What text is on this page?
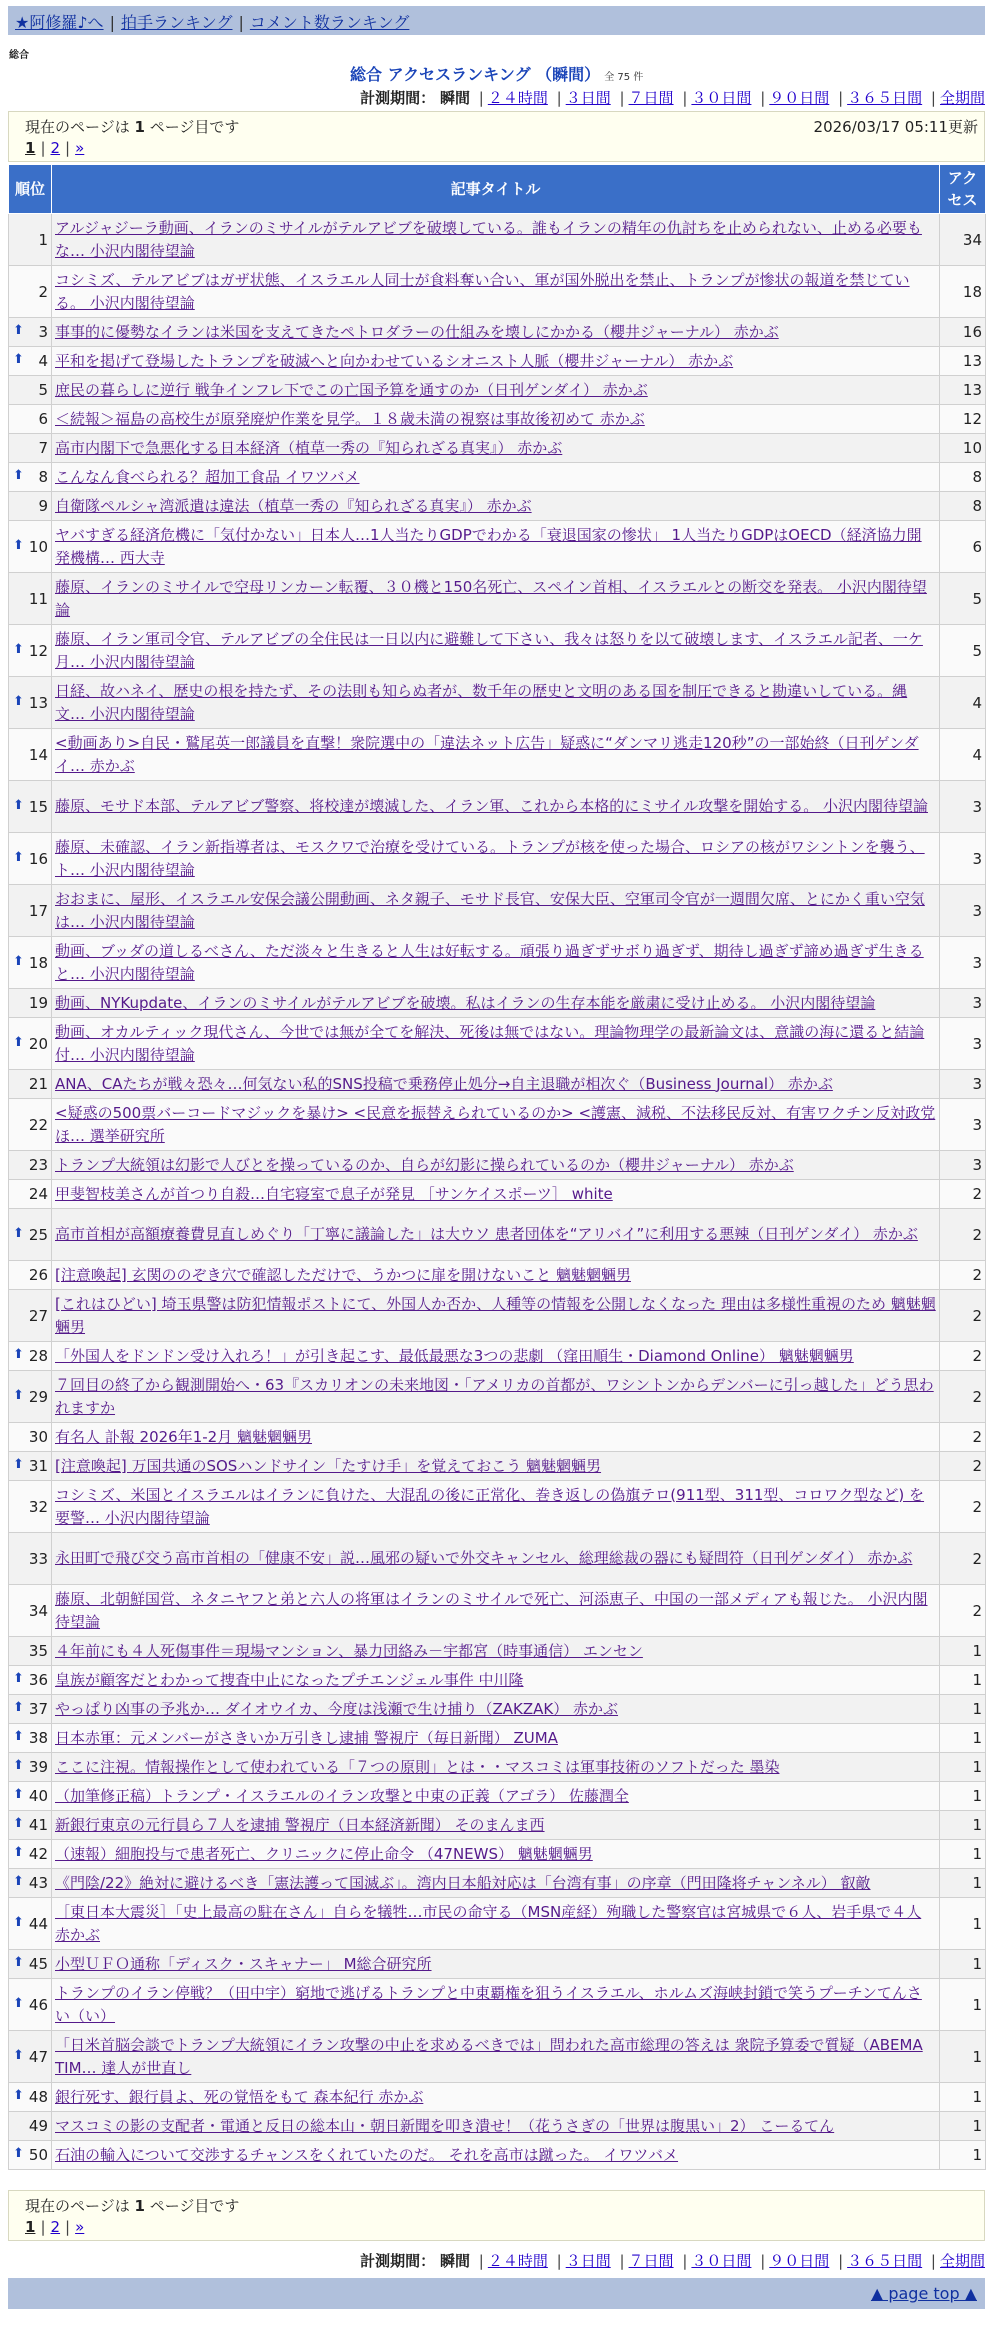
★阿修羅♪へ | 拍手ランキング | コメント数ランキング
総合
総合 アクセスランキング （瞬間） 全 75 件
計測期間： 瞬間 | ２４時間 | ３日間 | ７日間 | ３０日間 | ９０日間 | ３６５日間 | 全期間
現在のページは 1 ページ目です	2026/03/17 05:11更新
1 | 2 | »
順位	記事タイトル	アクセス
1	アルジャジーラ動画、イランのミサイルがテルアビブを破壊している。誰もイランの精年の仇討ちを止められない、止める必要もな… 小沢内閣待望論	34
2	コシミズ、テルアビブはガザ状態、イスラエル人同士が食料奪い合い、軍が国外脱出を禁止、トランプが惨状の報道を禁じている。 小沢内閣待望論	18

⬆ 3	事事的に優勢なイランは米国を支えてきたペトロダラーの仕組みを壊しにかかる（櫻井ジャーナル） 赤かぶ	16

⬆ 4	平和を掲げて登場したトランプを破滅へと向かわせているシオニスト人脈（櫻井ジャーナル） 赤かぶ	13
5	庶民の暮らしに逆行 戦争インフレ下でこの亡国予算を通すのか（日刊ゲンダイ） 赤かぶ	13
6	＜続報＞福島の高校生が原発廃炉作業を見学。１８歳未満の視察は事故後初めて 赤かぶ	12
7	高市内閣下で急悪化する日本経済（植草一秀の『知られざる真実』） 赤かぶ	10

⬆ 8	こんなん食べられる？超加工食品 イワツバメ	8
9	自衛隊ペルシャ湾派遣は違法（植草一秀の『知られざる真実』） 赤かぶ	8

⬆ 10	ヤバすぎる経済危機に「気付かない」日本人…1人当たりGDPでわかる「衰退国家の惨状」 1人当たりGDPはOECD（経済協力開発機構… 西大寺	6
11	藤原、イランのミサイルで空母リンカーン転覆、３０機と150名死亡、スペイン首相、イスラエルとの断交を発表。 小沢内閣待望論	5

⬆ 12	藤原、イラン軍司令官、テルアビブの全住民は一日以内に避難して下さい、我々は怒りを以て破壊します、イスラエル記者、一ケ月… 小沢内閣待望論	5

⬆ 13	日経、故ハネイ、歴史の根を持たず、その法則も知らぬ者が、数千年の歴史と文明のある国を制圧できると勘違いしている。縄文… 小沢内閣待望論	4
14	<動画あり>自民・鷲尾英一郎議員を直撃！衆院選中の「違法ネット広告」疑惑に“ダンマリ逃走120秒”の一部始終（日刊ゲンダイ… 赤かぶ	4

⬆ 15	藤原、モサド本部、テルアビブ警察、将校達が壊滅した、イラン軍、これから本格的にミサイル攻撃を開始する。 小沢内閣待望論	3

⬆ 16	藤原、未確認、イラン新指導者は、モスクワで治療を受けている。トランプが核を使った場合、ロシアの核がワシントンを襲う、ト… 小沢内閣待望論	3
17	おおまに、屋形、イスラエル安保会議公開動画、ネタ親子、モサド長官、安保大臣、空軍司令官が一週間欠席、とにかく重い空気は… 小沢内閣待望論	3

⬆ 18	動画、ブッダの道しるべさん、ただ淡々と生きると人生は好転する。頑張り過ぎずサボり過ぎず、期待し過ぎず諦め過ぎず生きると… 小沢内閣待望論	3
19	動画、NYKupdate、イランのミサイルがテルアビブを破壊。私はイランの生存本能を厳粛に受け止める。 小沢内閣待望論	3

⬆ 20	動画、オカルティック現代さん、今世では無が全てを解決、死後は無ではない。理論物理学の最新論文は、意識の海に還ると結論付… 小沢内閣待望論	3
21	ANA、CAたちが戦々恐々…何気ない私的SNS投稿で乗務停止処分→自主退職が相次ぐ（Business Journal） 赤かぶ	3
22	<疑惑の500票バーコードマジックを暴け> <民意を振替えられているのか> <護憲、減税、不法移民反対、有害ワクチン反対政党ほ… 選挙研究所	3
23	トランプ大統領は幻影で人びとを操っているのか、自らが幻影に操られているのか（櫻井ジャーナル） 赤かぶ	3
24	甲斐智枝美さんが首つり自殺…自宅寝室で息子が発見 ［サンケイスポーツ］ white	2

⬆ 25	高市首相が高額療養費見直しめぐり「丁寧に議論した」は大ウソ 患者団体を“アリバイ”に利用する悪辣（日刊ゲンダイ） 赤かぶ	2
26	[注意喚起] 玄関ののぞき穴で確認しただけで、うかつに扉を開けないこと 魑魅魍魎男	2
27	[これはひどい] 埼玉県警は防犯情報ポストにて、外国人か否か、人種等の情報を公開しなくなった 理由は多様性重視のため 魑魅魍魎男	2

⬆ 28	「外国人をドンドン受け入れろ！」が引き起こす、最低最悪な3つの悲劇 （窪田順生・Diamond Online） 魑魅魍魎男	2

⬆ 29	７回目の終了から観測開始へ・63『スカリオンの未来地図・「アメリカの首都が、ワシントンからデンバーに引っ越した」どう思われますか	2
30	有名人 訃報 2026年1-2月 魑魅魍魎男	2

⬆ 31	[注意喚起] 万国共通のSOSハンドサイン「たすけ手」を覚えておこう 魑魅魍魎男	2
32	コシミズ、米国とイスラエルはイランに負けた、大混乱の後に正常化、巻き返しの偽旗テロ(911型、311型、コロワク型など) を要警… 小沢内閣待望論	2
33	永田町で飛び交う高市首相の「健康不安」説…風邪の疑いで外交キャンセル、総理総裁の器にも疑問符（日刊ゲンダイ） 赤かぶ	2
34	藤原、北朝鮮国営、ネタニヤフと弟と六人の将軍はイランのミサイルで死亡、河添恵子、中国の一部メディアも報じた。 小沢内閣待望論	2
35	４年前にも４人死傷事件＝現場マンション、暴力団絡み－宇都宮（時事通信） エンセン	1

⬆ 36	皇族が顧客だとわかって捜査中止になったプチエンジェル事件 中川隆	1

⬆ 37	やっぱり凶事の予兆か… ダイオウイカ、今度は浅瀬で生け捕り（ZAKZAK） 赤かぶ	1

⬆ 38	日本赤軍：元メンバーがさきいか万引きし逮捕 警視庁（毎日新聞） ZUMA	1

⬆ 39	ここに注視。情報操作として使われている「７つの原則」とは・・マスコミは軍事技術のソフトだった 墨染	1

⬆ 40	（加筆修正稿）トランプ・イスラエルのイラン攻撃と中東の正義（アゴラ） 佐藤潤全	1

⬆ 41	新銀行東京の元行員ら７人を逮捕 警視庁（日本経済新聞） そのまんま西	1

⬆ 42	（速報）細胞投与で患者死亡、クリニックに停止命令 （47NEWS） 魑魅魍魎男	1

⬆ 43	《門陰/22》絶対に避けるべき「憲法護って国滅ぶ」。湾内日本船対応は「台湾有事」の序章（門田隆将チャンネル） 叡敵	1

⬆ 44	［東日本大震災］「史上最高の駐在さん」自らを犠牲…市民の命守る（MSN産経）殉職した警察官は宮城県で６人、岩手県で４人 赤かぶ	1

⬆ 45	小型ＵＦＯ通称「ディスク・スキャナー」 M総合研究所	1

⬆ 46	トランプのイラン停戦？（田中宇）窮地で逃げるトランプと中東覇権を狙うイスラエル、ホルムズ海峡封鎖で笑うプーチンてんさい（い）	1

⬆ 47	「日米首脳会談でトランプ大統領にイラン攻撃の中止を求めるべきでは」問われた高市総理の答えは 衆院予算委で質疑（ABEMA TIM… 達人が世直し	1

⬆ 48	銀行死す、銀行員よ、死の覚悟をもて 森本紀行 赤かぶ	1
49	マスコミの影の支配者・電通と反日の総本山・朝日新聞を叩き潰せ！（花うさぎの「世界は腹黒い」2） こーるてん	1

⬆ 50	石油の輸入について交渉するチャンスをくれていたのだ。 それを高市は蹴った。 イワツバメ	1
現在のページは 1 ページ目です
1 | 2 | »
計測期間： 瞬間 | ２４時間 | ３日間 | ７日間 | ３０日間 | ９０日間 | ３６５日間 | 全期間
▲ page top ▲
